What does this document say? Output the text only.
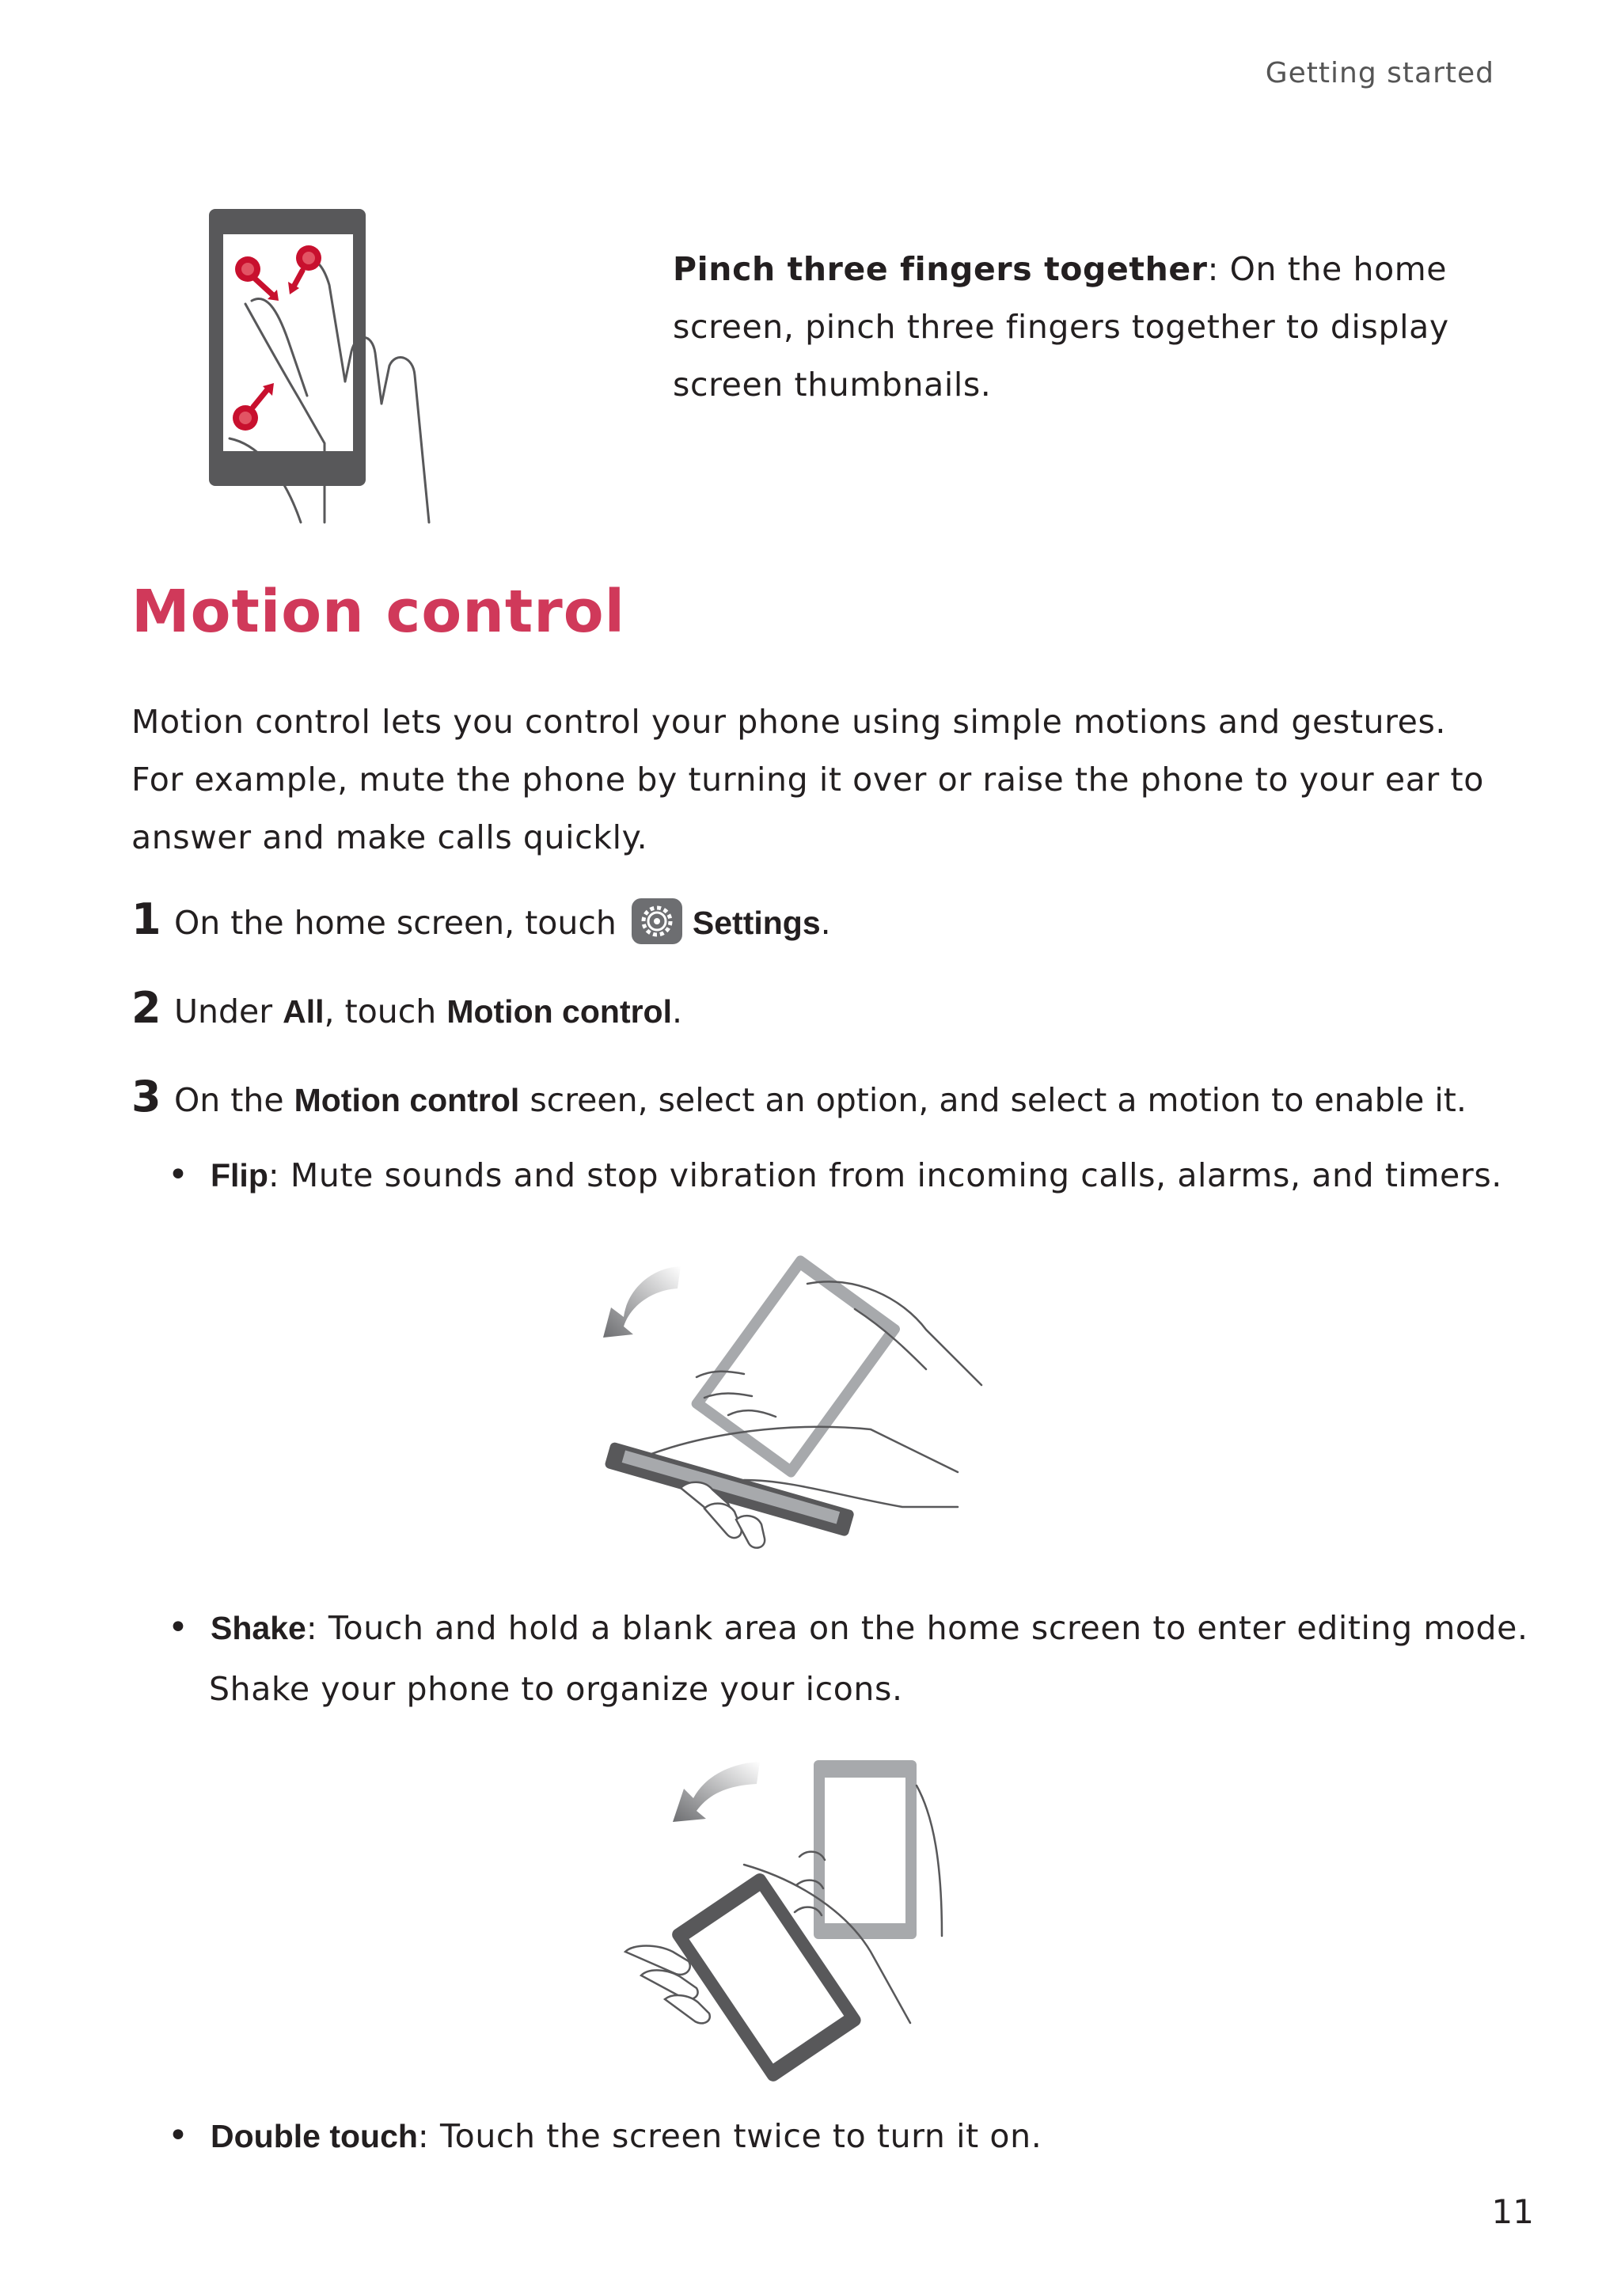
Getting started
Pinch three fingers together: On the home screen, pinch three fingers together to display screen thumbnails.
Motion control
Motion control lets you control your phone using simple motions and gestures. For example, mute the phone by turning it over or raise the phone to your ear to answer and make calls quickly.
1 On the home screen, touch Settings.
2 Under All, touch Motion control.
3 On the Motion control screen, select an option, and select a motion to enable it.
• Flip: Mute sounds and stop vibration from incoming calls, alarms, and timers.
• Shake: Touch and hold a blank area on the home screen to enter editing mode.
Shake your phone to organize your icons.
• Double touch: Touch the screen twice to turn it on.
11
